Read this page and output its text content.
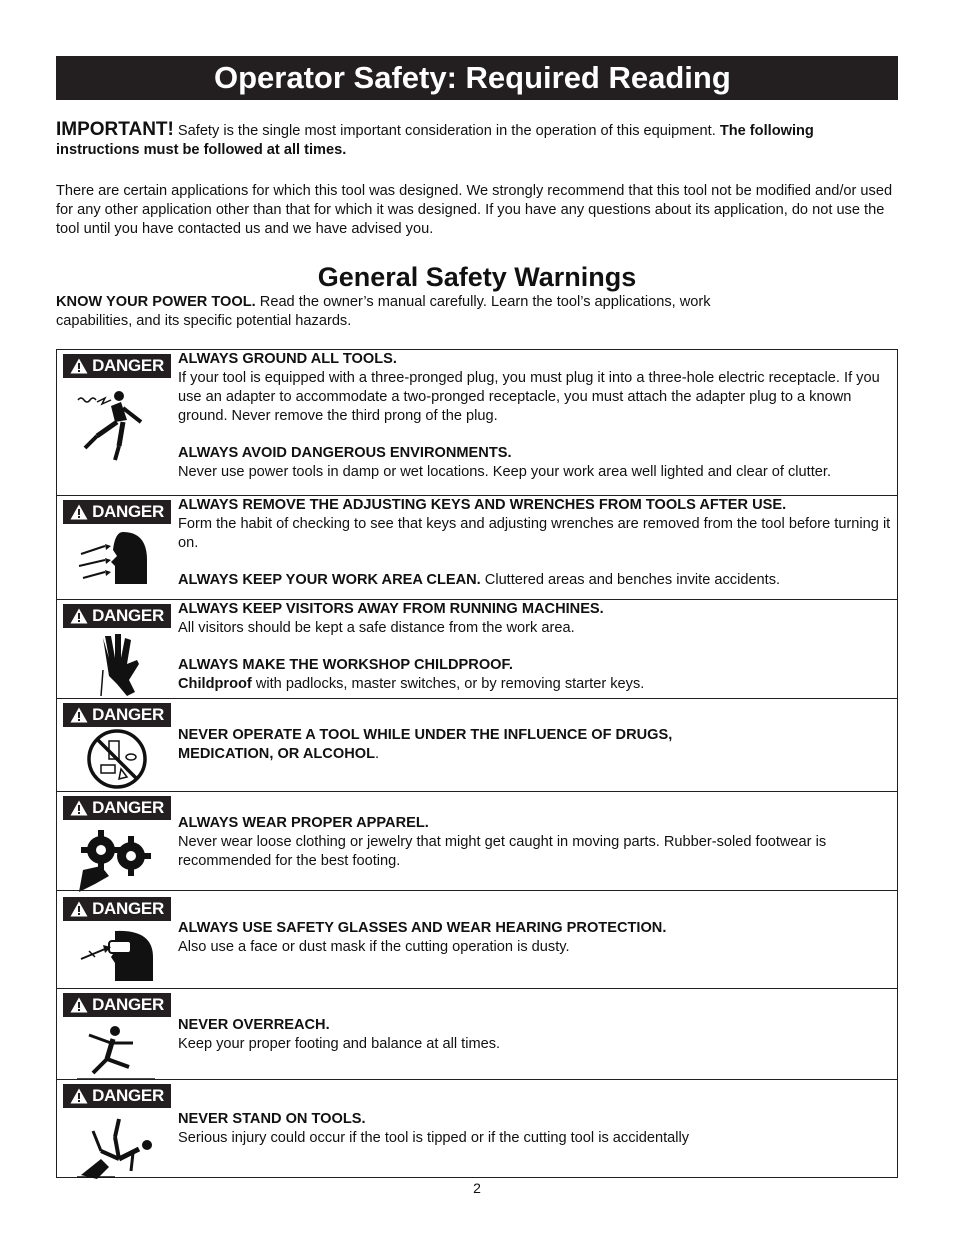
Operator Safety: Required Reading
IMPORTANT! Safety is the single most important consideration in the operation of this equipment. The following instructions must be followed at all times.
There are certain applications for which this tool was designed. We strongly recommend that this tool not be modified and/or used for any other application other than that for which it was designed. If you have any questions about its application, do not use the tool until you have contacted us and we have advised you.
General Safety Warnings
KNOW YOUR POWER TOOL. Read the owner’s manual carefully. Learn the tool’s applications, work capabilities, and its specific potential hazards.
DANGER ALWAYS GROUND ALL TOOLS.
If your tool is equipped with a three-pronged plug, you must plug it into a three-hole electric receptacle. If you use an adapter to accommodate a two-pronged receptacle, you must attach the adapter plug to a known ground. Never remove the third prong of the plug.
ALWAYS AVOID DANGEROUS ENVIRONMENTS.
Never use power tools in damp or wet locations. Keep your work area well lighted and clear of clutter.
DANGER ALWAYS REMOVE THE ADJUSTING KEYS AND WRENCHES FROM TOOLS AFTER USE.
Form the habit of checking to see that keys and adjusting wrenches are removed from the tool before turning it on.
ALWAYS KEEP YOUR WORK AREA CLEAN. Cluttered areas and benches invite accidents.
DANGER ALWAYS KEEP VISITORS AWAY FROM RUNNING MACHINES.
All visitors should be kept a safe distance from the work area.
ALWAYS MAKE THE WORKSHOP CHILDPROOF.
Childproof with padlocks, master switches, or by removing starter keys.
DANGER
NEVER OPERATE A TOOL WHILE UNDER THE INFLUENCE OF DRUGS,
MEDICATION, OR ALCOHOL.
DANGER
ALWAYS WEAR PROPER APPAREL.
Never wear loose clothing or jewelry that might get caught in moving parts. Rubber-soled footwear is recommended for the best footing.
DANGER
ALWAYS USE SAFETY GLASSES AND WEAR HEARING PROTECTION.
Also use a face or dust mask if the cutting operation is dusty.
DANGER
NEVER OVERREACH.
Keep your proper footing and balance at all times.
DANGER
NEVER STAND ON TOOLS.
Serious injury could occur if the tool is tipped or if the cutting tool is accidentally
2
